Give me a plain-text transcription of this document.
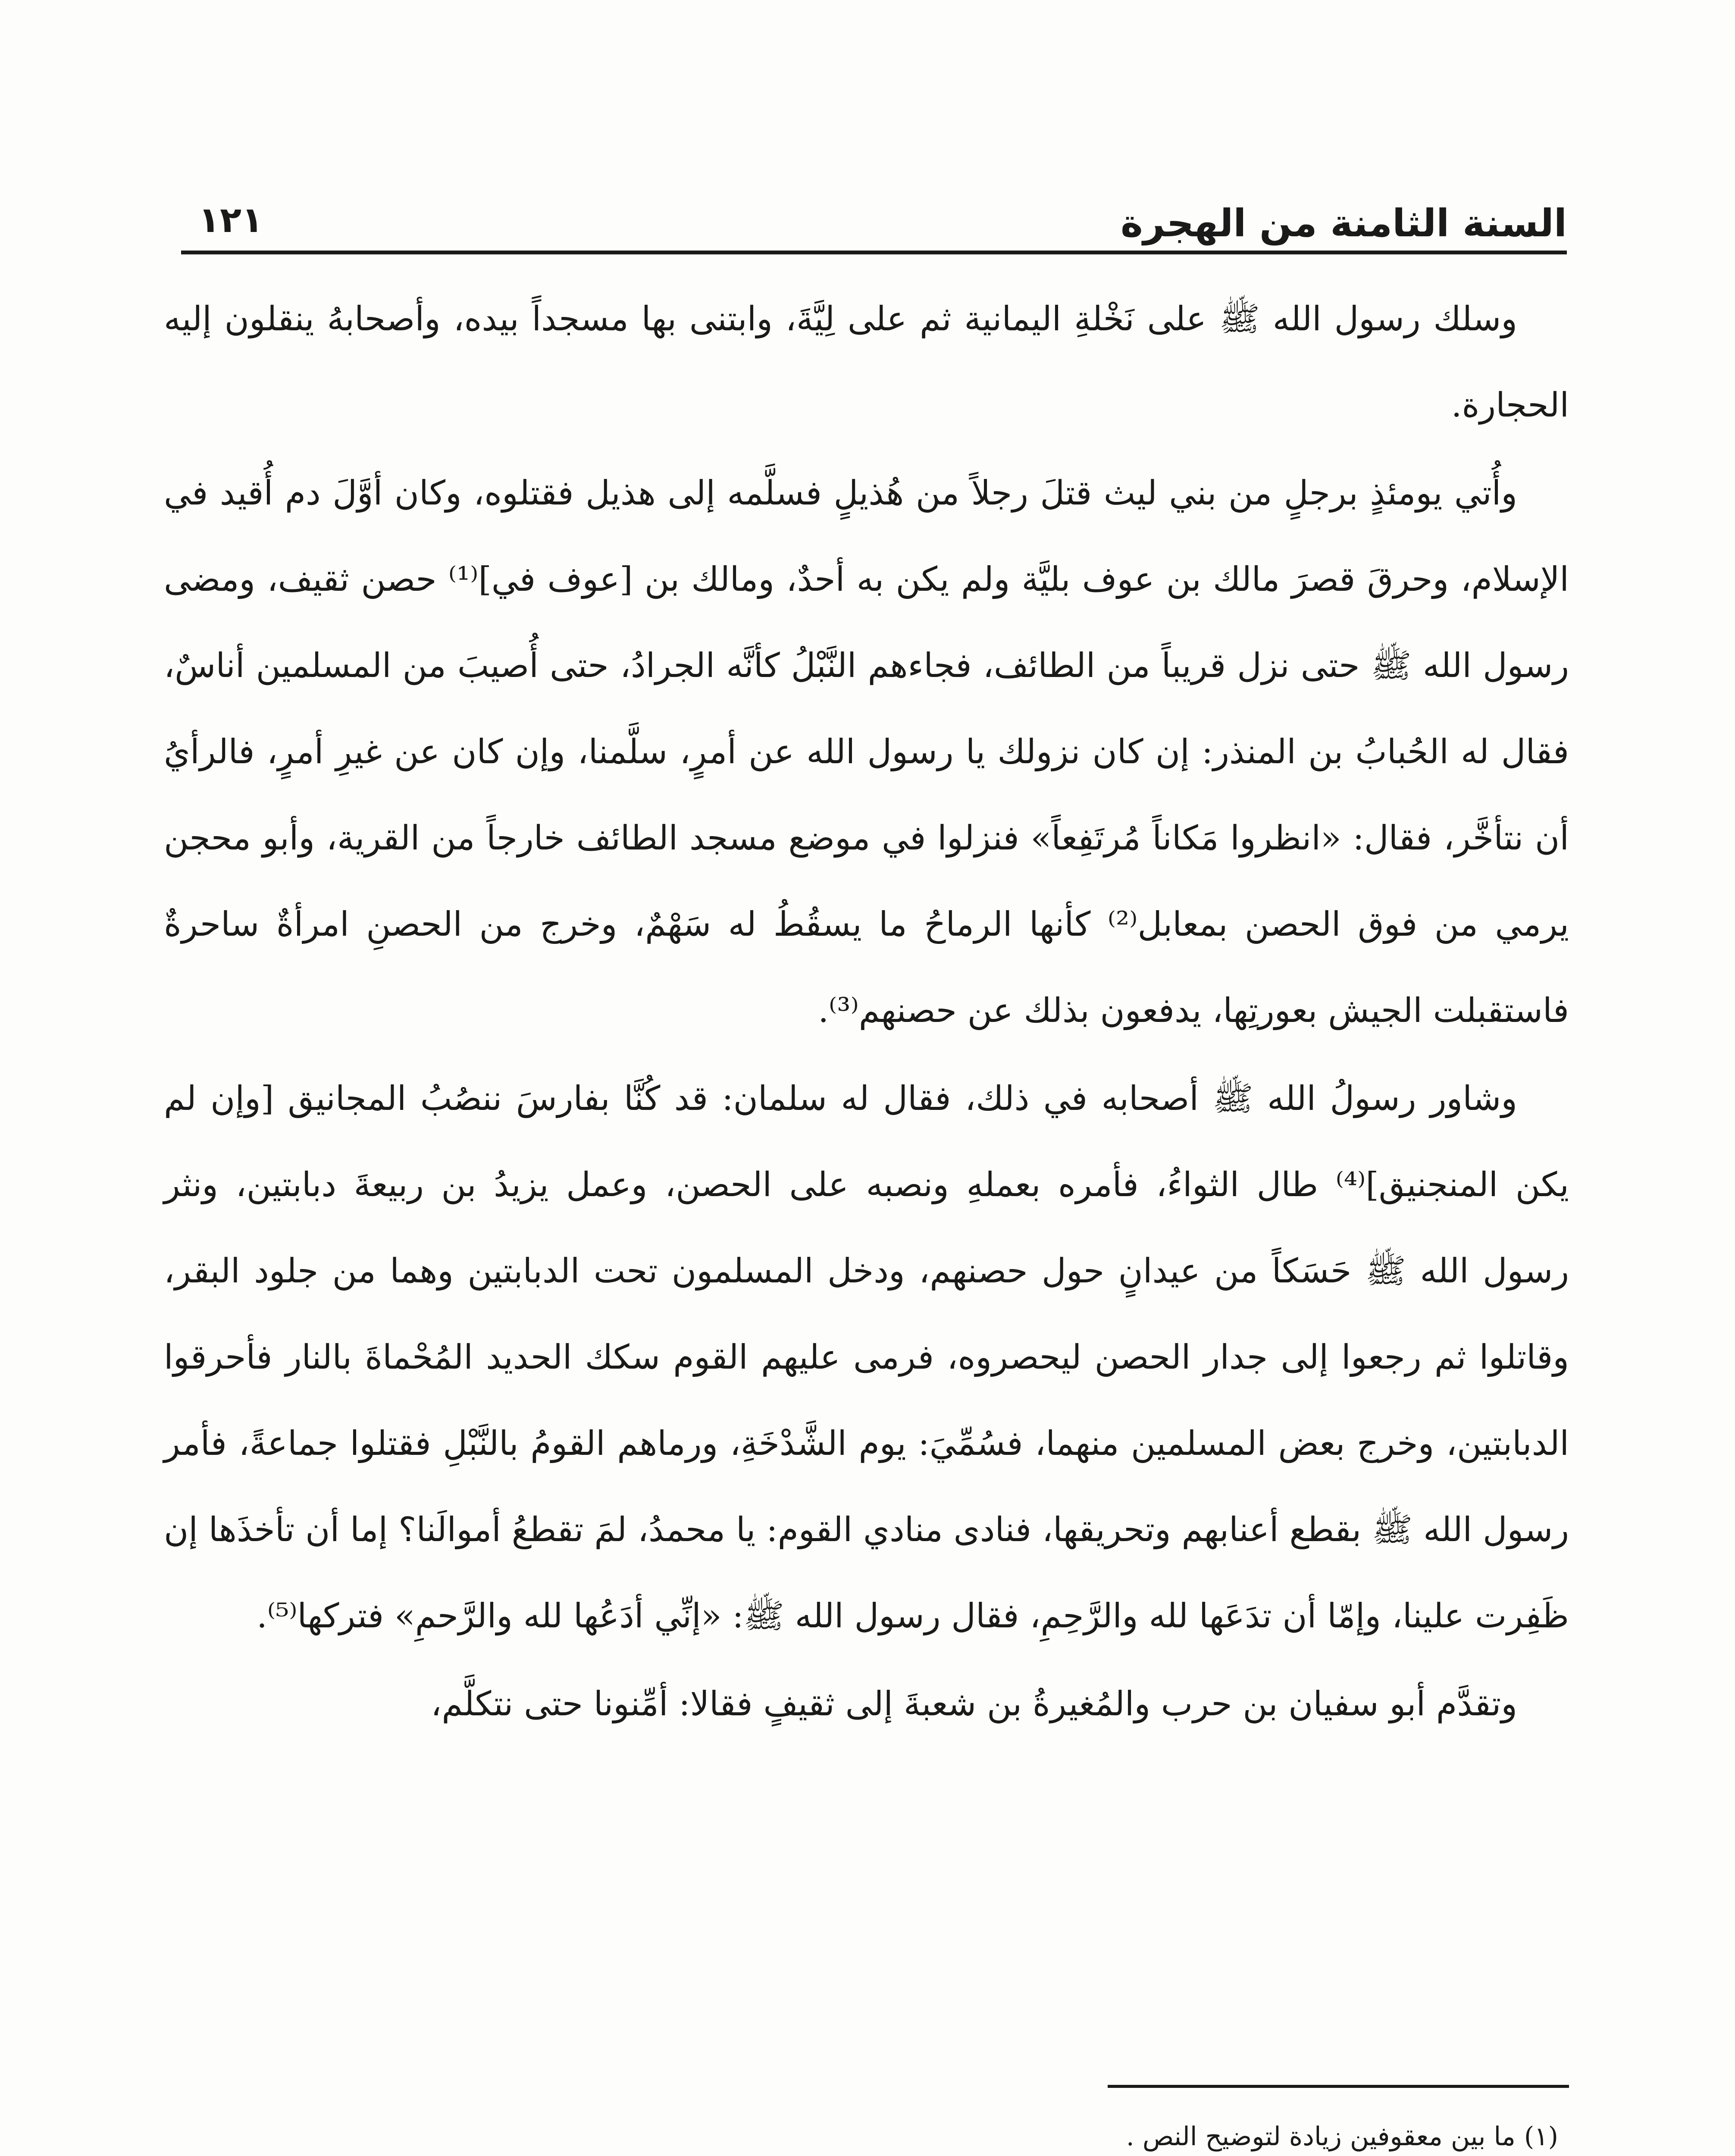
السنة الثامنة من الهجرة
١٢١

وسلك رسول الله ﷺ على نَخْلةِ اليمانية ثم على لِيَّةَ، وابتنى بها مسجداً بيده، وأصحابهُ ينقلون إليه الحجارة.

وأُتي يومئذٍ برجلٍ من بني ليث قتلَ رجلاً من هُذيلٍ فسلَّمه إلى هذيل فقتلوه، وكان أوَّلَ دم أُقيد في الإسلام، وحرقَ قصرَ مالك بن عوف بليَّة ولم يكن به أحدٌ، ومالك بن [عوف في]⁽¹⁾ حصن ثقيف، ومضى رسول الله ﷺ حتى نزل قريباً من الطائف، فجاءهم النَّبْلُ كأنَّه الجرادُ، حتى أُصيبَ من المسلمين أناسٌ، فقال له الحُبابُ بن المنذر: إن كان نزولك يا رسول الله عن أمرٍ، سلَّمنا، وإن كان عن غيرِ أمرٍ، فالرأيُ أن نتأخَّر، فقال: «انظروا مَكاناً مُرتَفِعاً» فنزلوا في موضع مسجد الطائف خارجاً من القرية، وأبو محجن يرمي من فوق الحصن بمعابل⁽²⁾ كأنها الرماحُ ما يسقُطُ له سَهْمٌ، وخرج من الحصنِ امرأةٌ ساحرةٌ فاستقبلت الجيش بعورتِها، يدفعون بذلك عن حصنهم⁽³⁾.

وشاور رسولُ الله ﷺ أصحابه في ذلك، فقال له سلمان: قد كُنَّا بفارسَ ننصُبُ المجانيق [وإن لم يكن المنجنيق]⁽⁴⁾ طال الثواءُ، فأمره بعملهِ ونصبه على الحصن، وعمل يزيدُ بن ربيعةَ دبابتين، ونثر رسول الله ﷺ حَسَكاً من عيدانٍ حول حصنهم، ودخل المسلمون تحت الدبابتين وهما من جلود البقر، وقاتلوا ثم رجعوا إلى جدار الحصن ليحصروه، فرمى عليهم القوم سكك الحديد المُحْماةَ بالنار فأحرقوا الدبابتين، وخرج بعض المسلمين منهما، فسُمِّيَ: يوم الشَّدْخَةِ، ورماهم القومُ بالنَّبْلِ فقتلوا جماعةً، فأمر رسول الله ﷺ بقطع أعنابهم وتحريقها، فنادى منادي القوم: يا محمدُ، لمَ تقطعُ أموالَنا؟ إما أن تأخذَها إن ظَفِرت علينا، وإمّا أن تدَعَها لله والرَّحِمِ، فقال رسول الله ﷺ: «إنِّي أدَعُها لله والرَّحمِ» فتركها⁽⁵⁾.

وتقدَّم أبو سفيان بن حرب والمُغيرةُ بن شعبةَ إلى ثقيفٍ فقالا: أمِّنونا حتى نتكلَّم،

(١) ما بين معقوفين زيادة لتوضيح النص .
